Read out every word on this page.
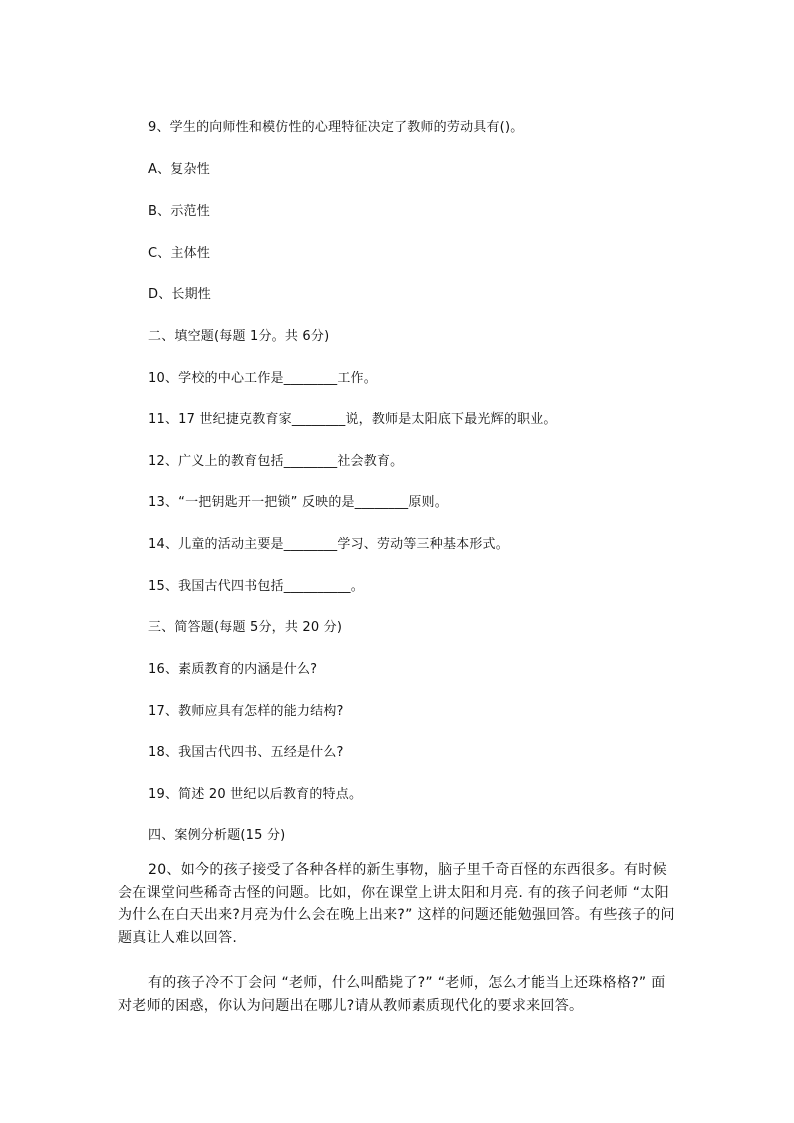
9、学生的向师性和模仿性的心理特征决定了教师的劳动具有()。
A、复杂性
B、示范性
C、主体性
D、长期性
二、填空题(每题 1分。共 6分)
10、学校的中心工作是________工作。
11、17 世纪捷克教育家________说，教师是太阳底下最光辉的职业。
12、广义上的教育包括________社会教育。
13、“一把钥匙开一把锁” 反映的是________原则。
14、儿童的活动主要是________学习、劳动等三种基本形式。
15、我国古代四书包括__________。
三、简答题(每题 5分，共 20 分)
16、素质教育的内涵是什么?
17、教师应具有怎样的能力结构?
18、我国古代四书、五经是什么?
19、简述 20 世纪以后教育的特点。
四、案例分析题(15 分)
20、如今的孩子接受了各种各样的新生事物，脑子里千奇百怪的东西很多。有时候会在课堂问些稀奇古怪的问题。比如，你在课堂上讲太阳和月亮. 有的孩子问老师 “太阳为什么在白天出来?月亮为什么会在晚上出来?” 这样的问题还能勉强回答。有些孩子的问题真让人难以回答.
有的孩子冷不丁会问 “老师，什么叫酷毙了?” “老师，怎么才能当上还珠格格?” 面对老师的困惑，你认为问题出在哪儿?请从教师素质现代化的要求来回答。
